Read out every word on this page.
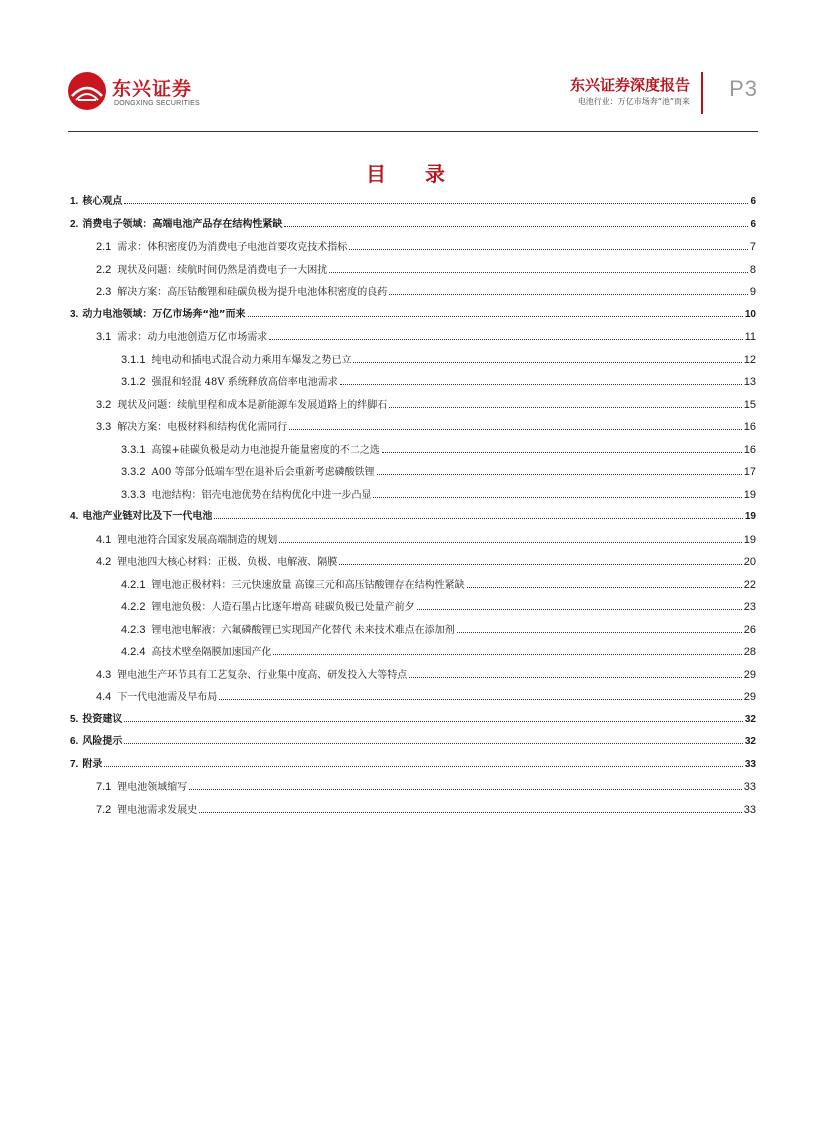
东兴证券
DONGXING SECURITIES
东兴证券深度报告
电池行业：万亿市场奔“池”而来
P3
目 录
1. 核心观点	6
2. 消费电子领域：高端电池产品存在结构性紧缺	6
2.1 需求：体积密度仍为消费电子电池首要攻克技术指标	7
2.2 现状及问题：续航时间仍然是消费电子一大困扰	8
2.3 解决方案：高压钴酸锂和硅碳负极为提升电池体积密度的良药	9
3. 动力电池领域：万亿市场奔“池”而来	10
3.1 需求：动力电池创造万亿市场需求	11
3.1.1 纯电动和插电式混合动力乘用车爆发之势已立	12
3.1.2 强混和轻混 48V 系统释放高倍率电池需求	13
3.2 现状及问题：续航里程和成本是新能源车发展道路上的绊脚石	15
3.3 解决方案：电极材料和结构优化需同行	16
3.3.1 高镍+硅碳负极是动力电池提升能量密度的不二之选	16
3.3.2 A00 等部分低端车型在退补后会重新考虑磷酸铁锂	17
3.3.3 电池结构：铝壳电池优势在结构优化中进一步凸显	19
4. 电池产业链对比及下一代电池	19
4.1 锂电池符合国家发展高端制造的规划	19
4.2 锂电池四大核心材料：正极、负极、电解液、隔膜	20
4.2.1 锂电池正极材料：三元快速放量 高镍三元和高压钴酸锂存在结构性紧缺	22
4.2.2 锂电池负极：人造石墨占比逐年增高 硅碳负极已处量产前夕	23
4.2.3 锂电池电解液：六氟磷酸锂已实现国产化替代 未来技术难点在添加剂	26
4.2.4 高技术壁垒隔膜加速国产化	28
4.3 锂电池生产环节具有工艺复杂、行业集中度高、研发投入大等特点	29
4.4 下一代电池需及早布局	29
5. 投资建议	32
6. 风险提示	32
7. 附录	33
7.1 锂电池领域缩写	33
7.2 锂电池需求发展史	33
